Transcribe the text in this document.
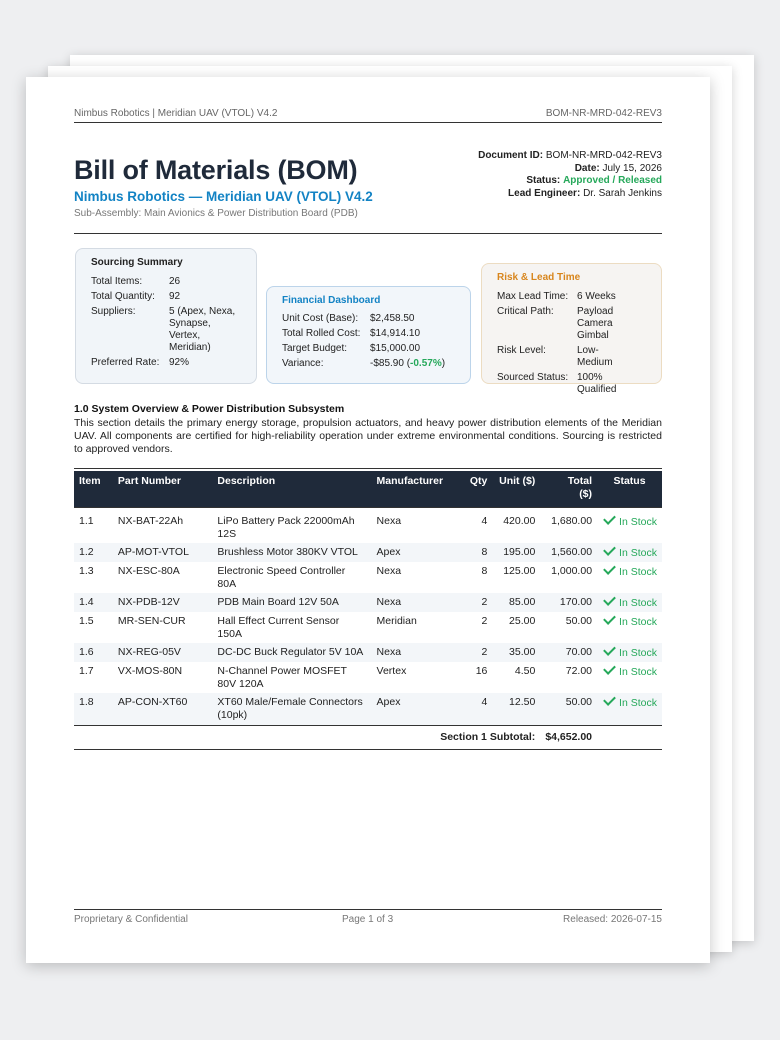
Nimbus Robotics | Meridian UAV (VTOL) V4.2	BOM-NR-MRD-042-REV3
Bill of Materials (BOM)
Nimbus Robotics — Meridian UAV (VTOL) V4.2
Sub-Assembly: Main Avionics & Power Distribution Board (PDB)
Document ID: BOM-NR-MRD-042-REV3
Date: July 15, 2026
Status: Approved / Released
Lead Engineer: Dr. Sarah Jenkins
Sourcing Summary
Total Items:	26
Total Quantity:	92
Suppliers:	5 (Apex, Nexa, Synapse, Vertex, Meridian)
Preferred Rate:	92%
Financial Dashboard
Unit Cost (Base):	$2,458.50
Total Rolled Cost:	$14,914.10
Target Budget:	$15,000.00
Variance:	-$85.90 (-0.57%)
Risk & Lead Time
Max Lead Time:	6 Weeks
Critical Path:	Payload Camera Gimbal
Risk Level:	Low-Medium
Sourced Status:	100% Qualified
1.0 System Overview & Power Distribution Subsystem
This section details the primary energy storage, propulsion actuators, and heavy power distribution elements of the Meridian UAV. All components are certified for high-reliability operation under extreme environmental conditions. Sourcing is restricted to approved vendors.
Item	Part Number	Description	Manufacturer	Qty	Unit ($)	Total ($)	Status
1.1	NX-BAT-22Ah	LiPo Battery Pack 22000mAh 12S	Nexa	4	420.00	1,680.00	In Stock
1.2	AP-MOT-VTOL	Brushless Motor 380KV VTOL	Apex	8	195.00	1,560.00	In Stock
1.3	NX-ESC-80A	Electronic Speed Controller 80A	Nexa	8	125.00	1,000.00	In Stock
1.4	NX-PDB-12V	PDB Main Board 12V 50A	Nexa	2	85.00	170.00	In Stock
1.5	MR-SEN-CUR	Hall Effect Current Sensor 150A	Meridian	2	25.00	50.00	In Stock
1.6	NX-REG-05V	DC-DC Buck Regulator 5V 10A	Nexa	2	35.00	70.00	In Stock
1.7	VX-MOS-80N	N-Channel Power MOSFET 80V 120A	Vertex	16	4.50	72.00	In Stock
1.8	AP-CON-XT60	XT60 Male/Female Connectors (10pk)	Apex	4	12.50	50.00	In Stock
Section 1 Subtotal:						$4,652.00	
Proprietary & Confidential	Page 1 of 3	Released: 2026-07-15
